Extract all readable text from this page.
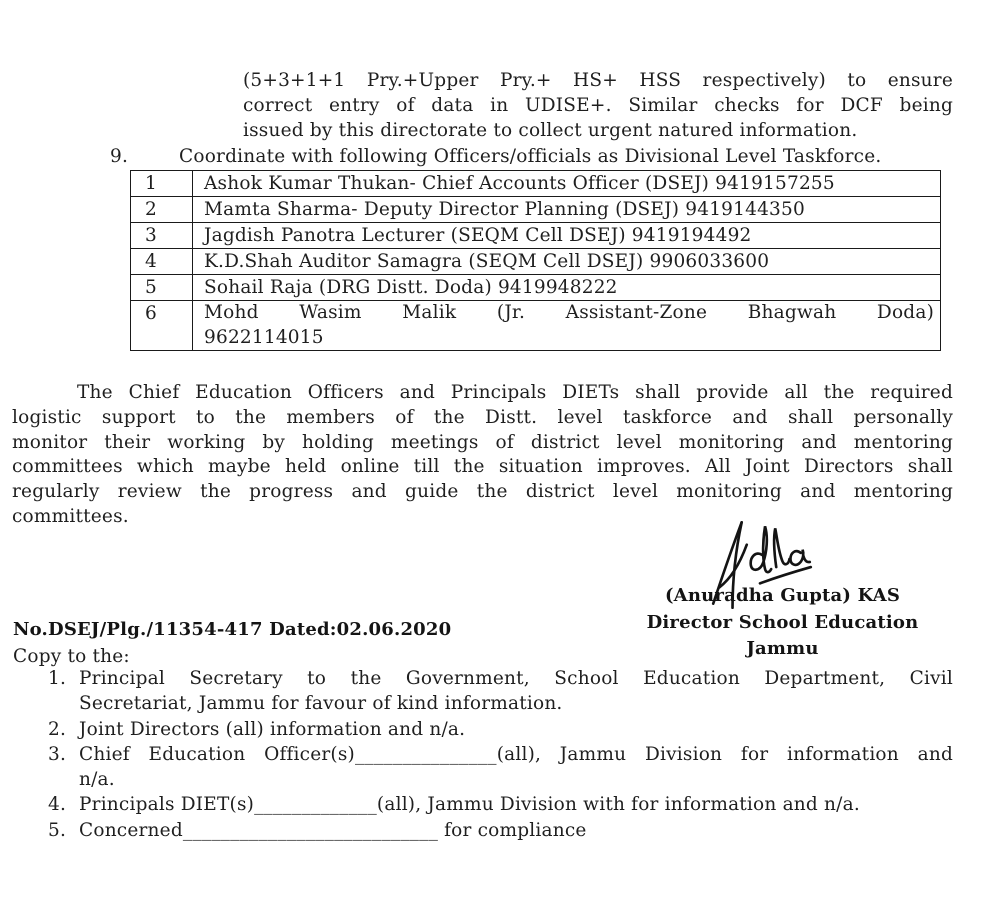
(5+3+1+1 Pry.+Upper Pry.+ HS+ HSS respectively) to ensure
correct entry of data in UDISE+. Similar checks for DCF being
issued by this directorate to collect urgent natured information.
9.	Coordinate with following Officers/officials as Divisional Level Taskforce.
1	Ashok Kumar Thukan- Chief Accounts Officer (DSEJ) 9419157255
2	Mamta Sharma- Deputy Director Planning (DSEJ) 9419144350
3	Jagdish Panotra Lecturer (SEQM Cell DSEJ) 9419194492
4	K.D.Shah Auditor Samagra (SEQM Cell DSEJ) 9906033600
5	Sohail Raja (DRG Distt. Doda) 9419948222
6	Mohd Wasim Malik (Jr. Assistant-Zone Bhagwah Doda)
9622114015
The Chief Education Officers and Principals DIETs shall provide all the required
logistic support to the members of the Distt. level taskforce and shall personally
monitor their working by holding meetings of district level monitoring and mentoring
committees which maybe held online till the situation improves. All Joint Directors shall
regularly review the progress and guide the district level monitoring and mentoring
committees.
(Anuradha Gupta) KAS
Director School Education
Jammu
No.DSEJ/Plg./11354-417 Dated:02.06.2020
Copy to the:
1. Principal Secretary to the Government, School Education Department, Civil
Secretariat, Jammu for favour of kind information.
2. Joint Directors (all) information and n/a.
3. Chief Education Officer(s)_______________(all), Jammu Division for information and
n/a.
4. Principals DIET(s)_____________(all), Jammu Division with for information and n/a.
5. Concerned___________________________ for compliance
